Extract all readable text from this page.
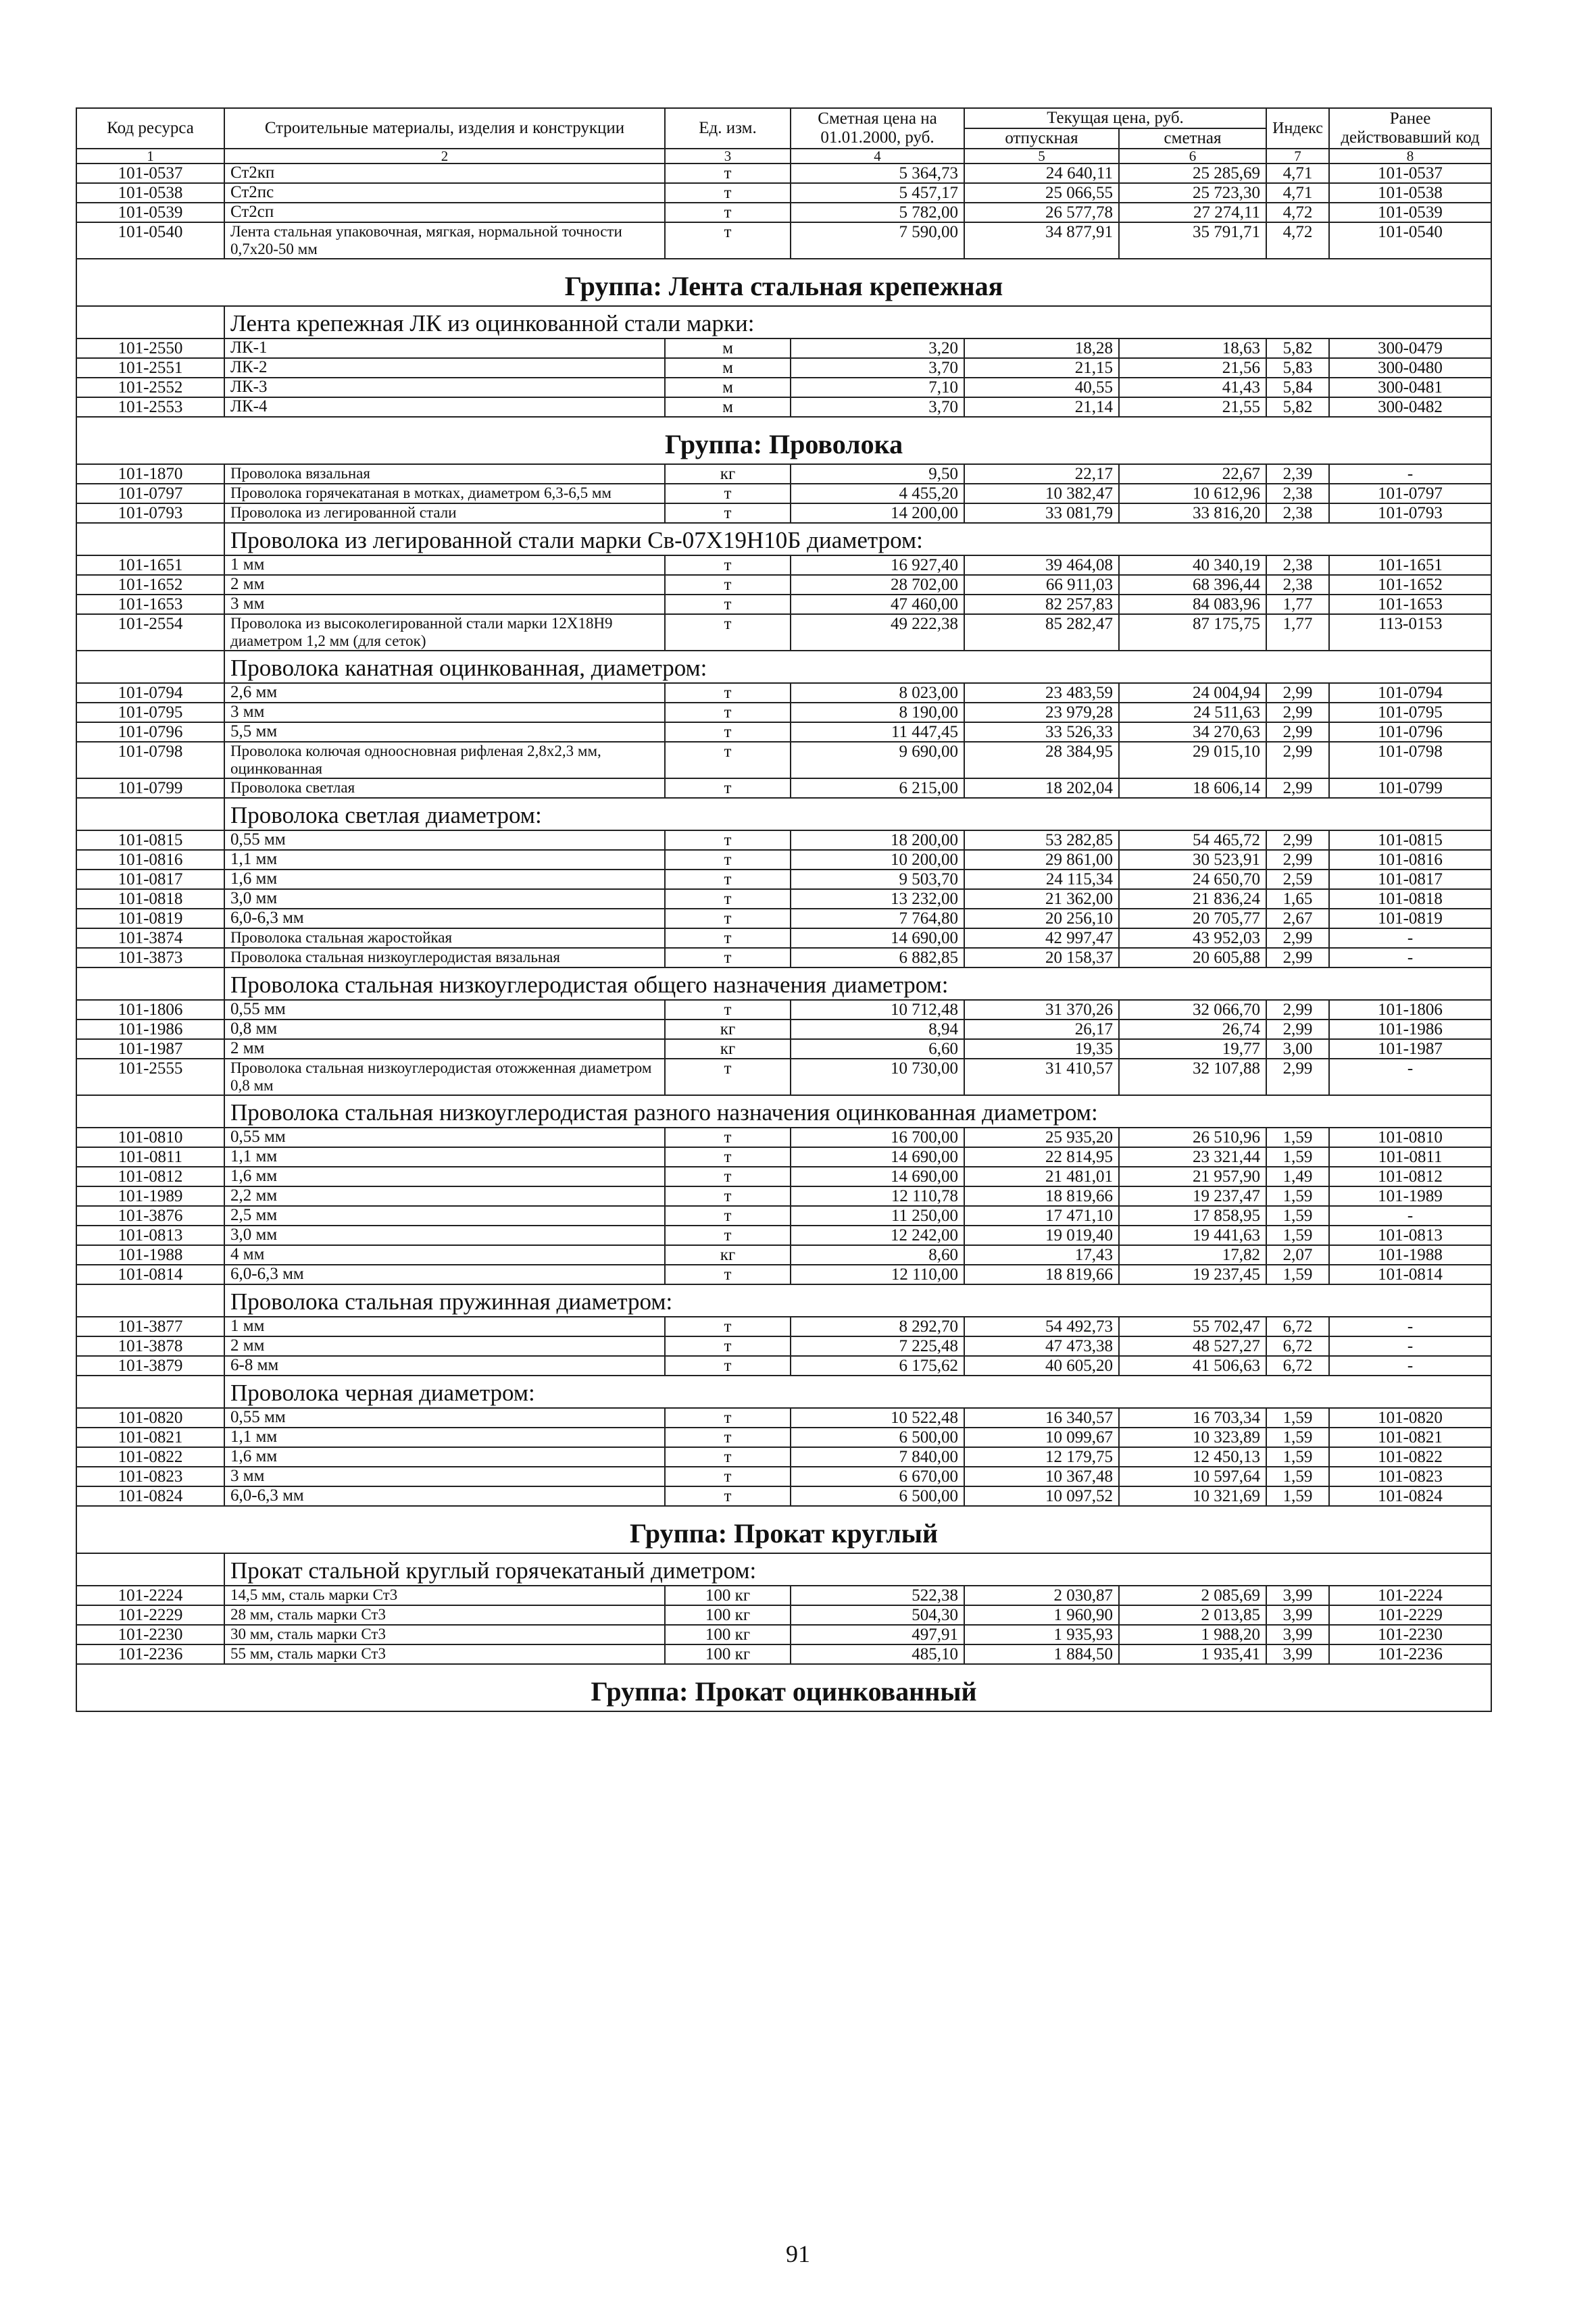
Код ресурса	Строительные материалы, изделия и конструкции	Ед. изм.	Сметная цена на 01.01.2000, руб.	Текущая цена, руб.		Индекс	Ранее действовавший код
				отпускная	сметная		
1	2	3	4	5	6	7	8
101-0537	Ст2кп	т	5 364,73	24 640,11	25 285,69	4,71	101-0537
101-0538	Ст2пс	т	5 457,17	25 066,55	25 723,30	4,71	101-0538
101-0539	Ст2сп	т	5 782,00	26 577,78	27 274,11	4,72	101-0539
101-0540	Лента стальная упаковочная, мягкая, нормальной точности 0,7х20-50 мм	т	7 590,00	34 877,91	35 791,71	4,72	101-0540
Группа: Лента стальная крепежная							
	Лента крепежная ЛК из оцинкованной стали марки:						
101-2550	ЛК-1	м	3,20	18,28	18,63	5,82	300-0479
101-2551	ЛК-2	м	3,70	21,15	21,56	5,83	300-0480
101-2552	ЛК-3	м	7,10	40,55	41,43	5,84	300-0481
101-2553	ЛК-4	м	3,70	21,14	21,55	5,82	300-0482
Группа: Проволока							
101-1870	Проволока вязальная	кг	9,50	22,17	22,67	2,39	-
101-0797	Проволока горячекатаная в мотках, диаметром 6,3-6,5 мм	т	4 455,20	10 382,47	10 612,96	2,38	101-0797
101-0793	Проволока из легированной стали	т	14 200,00	33 081,79	33 816,20	2,38	101-0793
	Проволока из легированной стали марки Св-07Х19Н10Б диаметром:						
101-1651	1 мм	т	16 927,40	39 464,08	40 340,19	2,38	101-1651
101-1652	2 мм	т	28 702,00	66 911,03	68 396,44	2,38	101-1652
101-1653	3 мм	т	47 460,00	82 257,83	84 083,96	1,77	101-1653
101-2554	Проволока из высоколегированной стали марки 12Х18Н9 диаметром 1,2 мм (для сеток)	т	49 222,38	85 282,47	87 175,75	1,77	113-0153
	Проволока канатная оцинкованная, диаметром:						
101-0794	2,6 мм	т	8 023,00	23 483,59	24 004,94	2,99	101-0794
101-0795	3 мм	т	8 190,00	23 979,28	24 511,63	2,99	101-0795
101-0796	5,5 мм	т	11 447,45	33 526,33	34 270,63	2,99	101-0796
101-0798	Проволока колючая одноосновная рифленая 2,8х2,3 мм, оцинкованная	т	9 690,00	28 384,95	29 015,10	2,99	101-0798
101-0799	Проволока светлая	т	6 215,00	18 202,04	18 606,14	2,99	101-0799
	Проволока светлая диаметром:						
101-0815	0,55 мм	т	18 200,00	53 282,85	54 465,72	2,99	101-0815
101-0816	1,1 мм	т	10 200,00	29 861,00	30 523,91	2,99	101-0816
101-0817	1,6 мм	т	9 503,70	24 115,34	24 650,70	2,59	101-0817
101-0818	3,0 мм	т	13 232,00	21 362,00	21 836,24	1,65	101-0818
101-0819	6,0-6,3 мм	т	7 764,80	20 256,10	20 705,77	2,67	101-0819
101-3874	Проволока стальная жаростойкая	т	14 690,00	42 997,47	43 952,03	2,99	-
101-3873	Проволока стальная низкоуглеродистая вязальная	т	6 882,85	20 158,37	20 605,88	2,99	-
	Проволока стальная низкоуглеродистая общего назначения диаметром:						
101-1806	0,55 мм	т	10 712,48	31 370,26	32 066,70	2,99	101-1806
101-1986	0,8 мм	кг	8,94	26,17	26,74	2,99	101-1986
101-1987	2 мм	кг	6,60	19,35	19,77	3,00	101-1987
101-2555	Проволока стальная низкоуглеродистая отожженная диаметром 0,8 мм	т	10 730,00	31 410,57	32 107,88	2,99	-
	Проволока стальная низкоуглеродистая разного назначения оцинкованная диаметром:						
101-0810	0,55 мм	т	16 700,00	25 935,20	26 510,96	1,59	101-0810
101-0811	1,1 мм	т	14 690,00	22 814,95	23 321,44	1,59	101-0811
101-0812	1,6 мм	т	14 690,00	21 481,01	21 957,90	1,49	101-0812
101-1989	2,2 мм	т	12 110,78	18 819,66	19 237,47	1,59	101-1989
101-3876	2,5 мм	т	11 250,00	17 471,10	17 858,95	1,59	-
101-0813	3,0 мм	т	12 242,00	19 019,40	19 441,63	1,59	101-0813
101-1988	4 мм	кг	8,60	17,43	17,82	2,07	101-1988
101-0814	6,0-6,3 мм	т	12 110,00	18 819,66	19 237,45	1,59	101-0814
	Проволока стальная пружинная диаметром:						
101-3877	1 мм	т	8 292,70	54 492,73	55 702,47	6,72	-
101-3878	2 мм	т	7 225,48	47 473,38	48 527,27	6,72	-
101-3879	6-8 мм	т	6 175,62	40 605,20	41 506,63	6,72	-
	Проволока черная диаметром:						
101-0820	0,55 мм	т	10 522,48	16 340,57	16 703,34	1,59	101-0820
101-0821	1,1 мм	т	6 500,00	10 099,67	10 323,89	1,59	101-0821
101-0822	1,6 мм	т	7 840,00	12 179,75	12 450,13	1,59	101-0822
101-0823	3 мм	т	6 670,00	10 367,48	10 597,64	1,59	101-0823
101-0824	6,0-6,3 мм	т	6 500,00	10 097,52	10 321,69	1,59	101-0824
Группа: Прокат круглый							
	Прокат стальной круглый горячекатаный диметром:						
101-2224	14,5 мм, сталь марки Ст3	100 кг	522,38	2 030,87	2 085,69	3,99	101-2224
101-2229	28 мм, сталь марки Ст3	100 кг	504,30	1 960,90	2 013,85	3,99	101-2229
101-2230	30 мм, сталь марки Ст3	100 кг	497,91	1 935,93	1 988,20	3,99	101-2230
101-2236	55 мм, сталь марки Ст3	100 кг	485,10	1 884,50	1 935,41	3,99	101-2236
Группа: Прокат оцинкованный							
91
